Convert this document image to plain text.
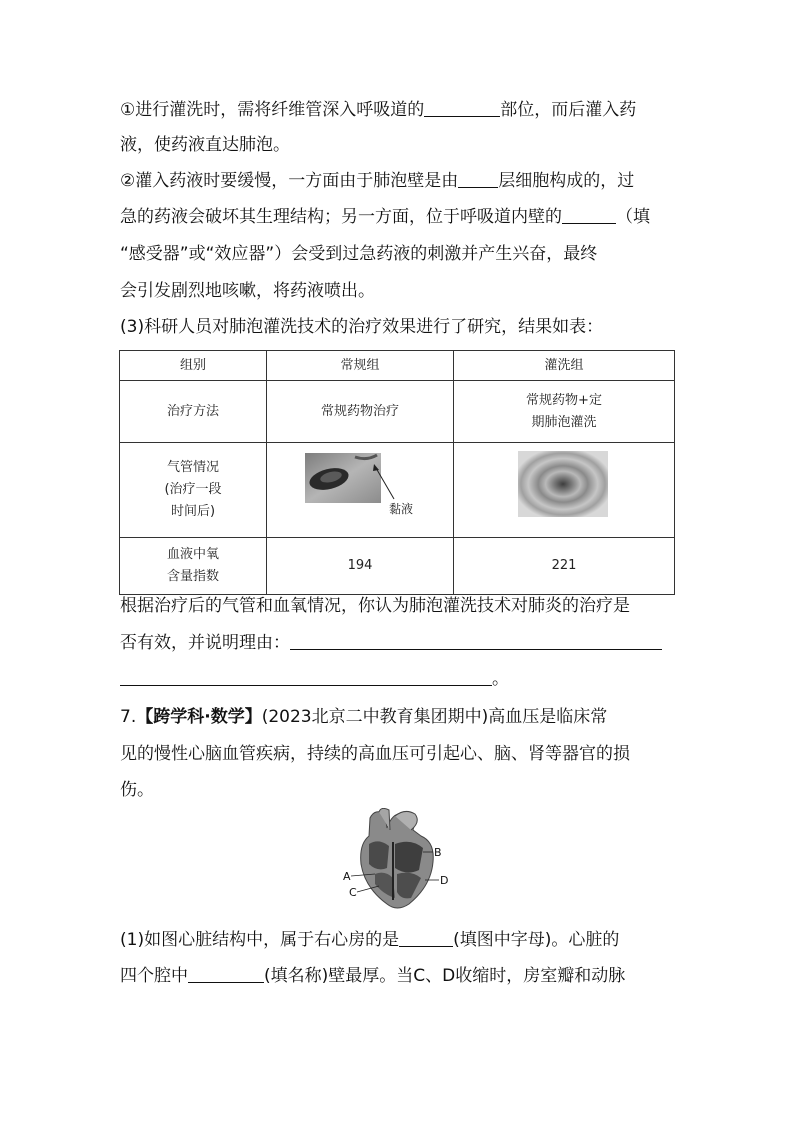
①进行灌洗时，需将纤维管深入呼吸道的	部位，而后灌入药
液，使药液直达肺泡。
②灌入药液时要缓慢，一方面由于肺泡壁是由 层细胞构成的，过
急的药液会破坏其生理结构；另一方面，位于呼吸道内壁的	（填
“感受器”或“效应器”）会受到过急药液的刺激并产生兴奋，最终
会引发剧烈地咳嗽，将药液喷出。
(3)科研人员对肺泡灌洗技术的治疗效果进行了研究，结果如表：
组别	常规组	灌洗组
治疗方法	常规药物治疗	常规药物+定
期肺泡灌洗

气管情况
(治疗一段
时间后)	黏液

血液中氧
含量指数	194	221
根据治疗后的气管和血氧情况，你认为肺泡灌洗技术对肺炎的治疗是
否有效，并说明理由：
。
7.【跨学科·数学】(2023北京二中教育集团期中)高血压是临床常
见的慢性心脑血管疾病，持续的高血压可引起心、脑、肾等器官的损
伤。
B
A	D
C
(1)如图心脏结构中，属于右心房的是	(填图中字母)。心脏的
四个腔中	(填名称)壁最厚。当C、D收缩时，房室瓣和动脉
